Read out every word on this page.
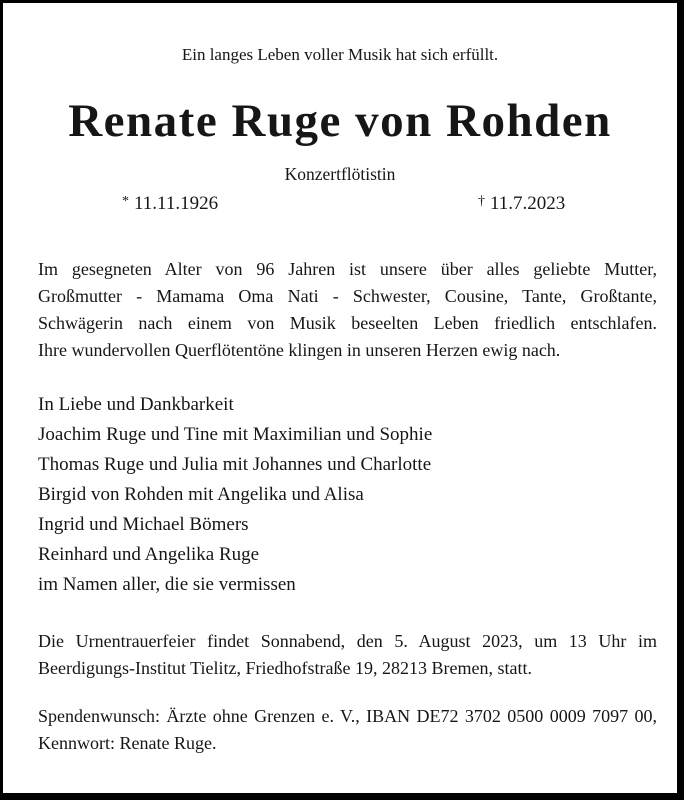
Ein langes Leben voller Musik hat sich erfüllt.
Renate Ruge von Rohden
Konzertflötistin
* 11.11.1926	† 11.7.2023
Im gesegneten Alter von 96 Jahren ist unsere über alles geliebte Mutter,
Großmutter - Mamama Oma Nati - Schwester, Cousine, Tante, Großtante,
Schwägerin nach einem von Musik beseelten Leben friedlich entschlafen.
Ihre wundervollen Querflötentöne klingen in unseren Herzen ewig nach.
In Liebe und Dankbarkeit
Joachim Ruge und Tine mit Maximilian und Sophie
Thomas Ruge und Julia mit Johannes und Charlotte
Birgid von Rohden mit Angelika und Alisa
Ingrid und Michael Bömers
Reinhard und Angelika Ruge
im Namen aller, die sie vermissen
Die Urnentrauerfeier findet Sonnabend, den 5. August 2023, um 13 Uhr im
Beerdigungs-Institut Tielitz, Friedhofstraße 19, 28213 Bremen, statt.
Spendenwunsch: Ärzte ohne Grenzen e. V., IBAN DE72 3702 0500 0009 7097 00,
Kennwort: Renate Ruge.
